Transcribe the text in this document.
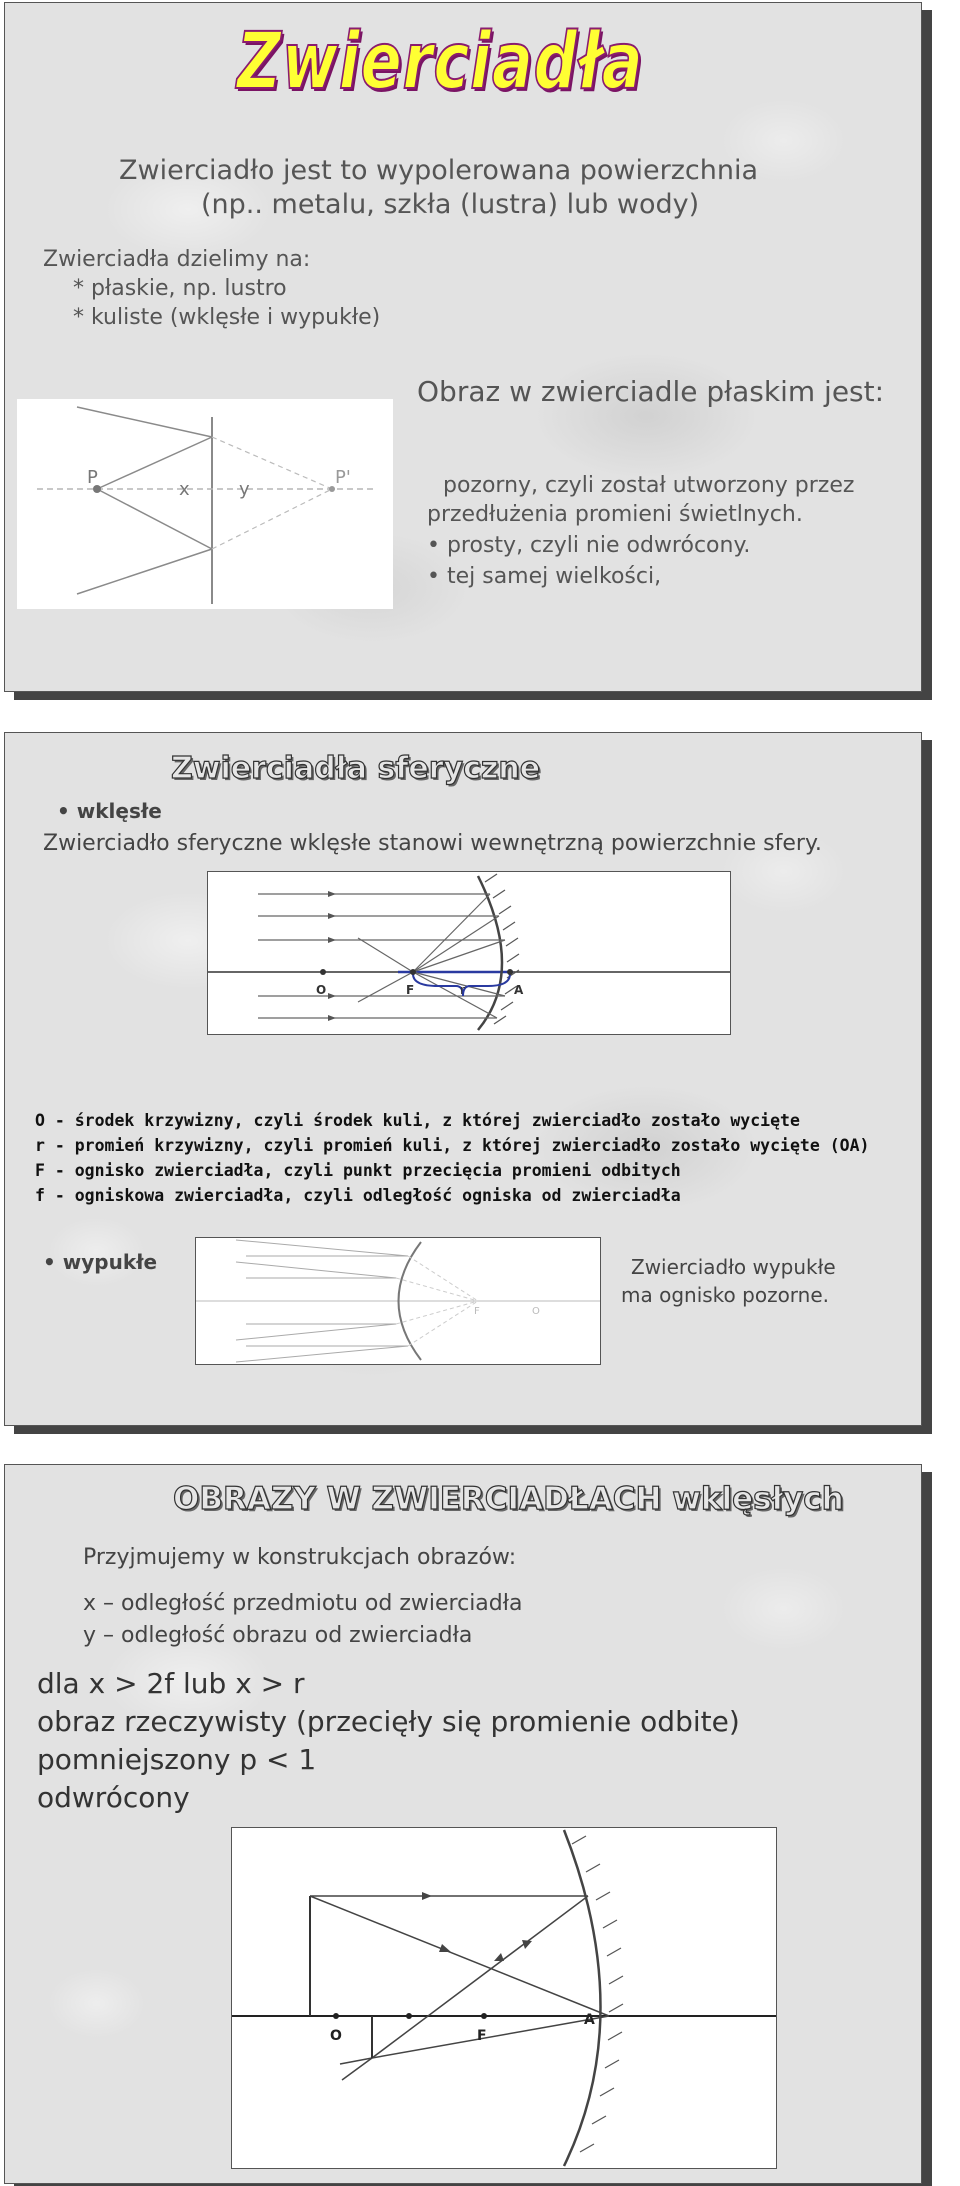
Zwierciadła
Zwierciadło jest to wypolerowana powierzchnia
(np.. metalu, szkła (lustra) lub wody)
Zwierciadła dzielimy na:
* płaskie, np. lustro
* kuliste (wklęsłe i wypukłe)
Obraz w zwierciadle płaskim jest:
P
x	y
P'	pozorny, czyli został utworzony przez
przedłużenia promieni świetlnych.
• prosty, czyli nie odwrócony.
• tej samej wielkości,
Zwierciadła sferyczne
• wklęsłe
Zwierciadło sferyczne wklęsłe stanowi wewnętrzną powierzchnie sfery.
O	F	r	A
O - środek krzywizny, czyli środek kuli, z której zwierciadło zostało wycięte
r - promień krzywizny, czyli promień kuli, z której zwierciadło zostało wycięte (OA)
F - ognisko zwierciadła, czyli punkt przecięcia promieni odbitych
f - ogniskowa zwierciadła, czyli odległość ogniska od zwierciadła
• wypukłe
F	O
Zwierciadło wypukłe
ma ognisko pozorne.
OBRAZY W ZWIERCIADŁACH wklęsłych
Przyjmujemy w konstrukcjach obrazów:
x – odległość przedmiotu od zwierciadła
y – odległość obrazu od zwierciadła
dla x > 2f lub x > r
obraz rzeczywisty (przecięły się promienie odbite)
pomniejszony p < 1
odwrócony
O	F
A
